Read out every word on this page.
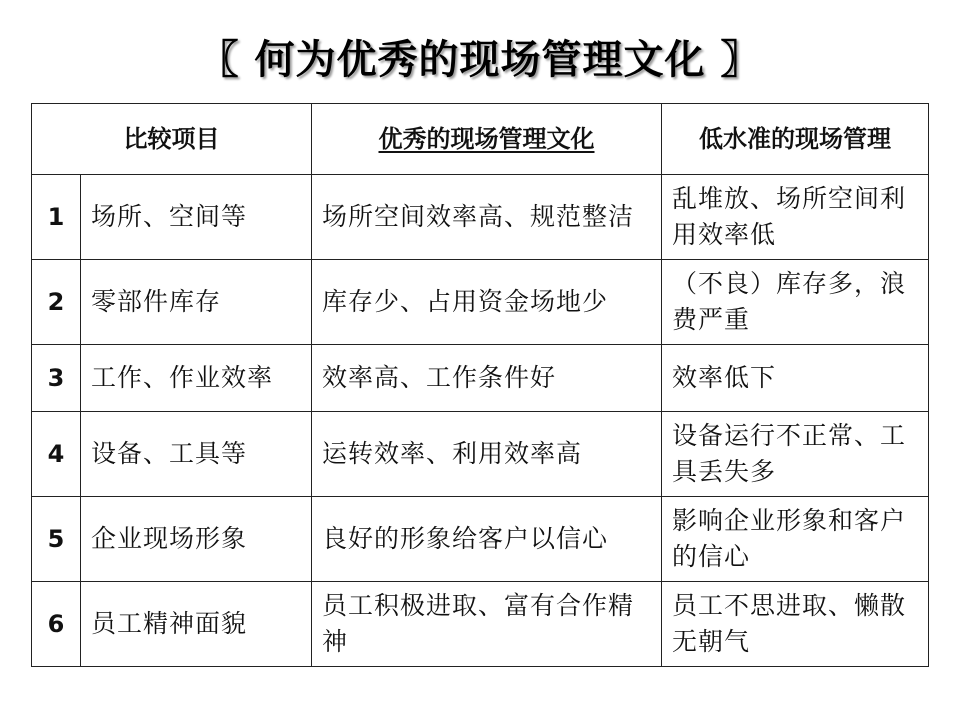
〖 何为优秀的现场管理文化 〗
比较项目		优秀的现场管理文化	低水准的现场管理
1	场所、空间等	场所空间效率高、规范整洁	乱堆放、场所空间利用效率低
2	零部件库存	库存少、占用资金场地少	（不良）库存多，浪费严重
3	工作、作业效率	效率高、工作条件好	效率低下
4	设备、工具等	运转效率、利用效率高	设备运行不正常、工具丢失多
5	企业现场形象	良好的形象给客户以信心	影响企业形象和客户的信心
6	员工精神面貌	员工积极进取、富有合作精神	员工不思进取、懒散无朝气
